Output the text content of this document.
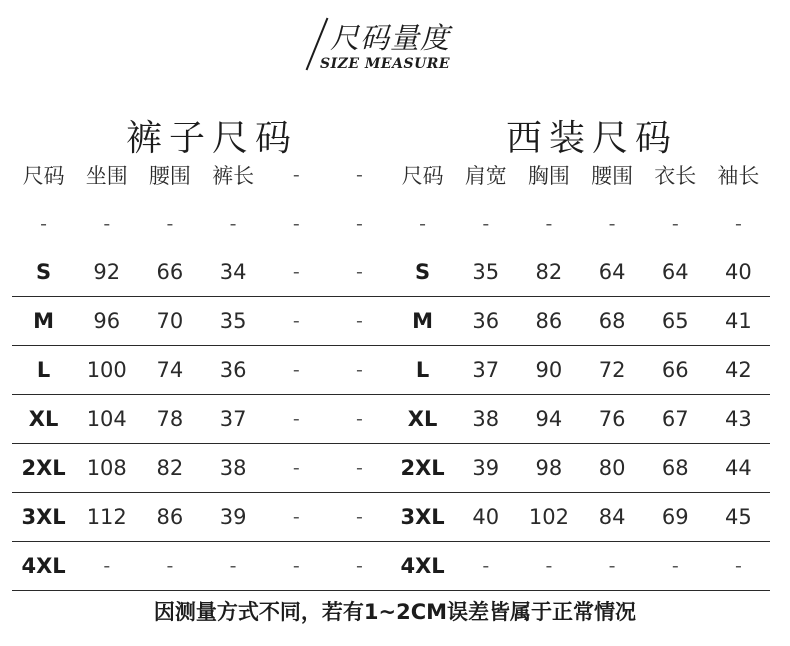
尺码量度
SIZE MEASURE
裤子尺码	西装尺码
尺码	坐围	腰围	裤长	-	-	尺码	肩宽	胸围	腰围	衣长	袖长
-	-	-	-	-	-	-	-	-	-	-	-
S	92	66	34	-	-	S	35	82	64	64	40
M	96	70	35	-	-	M	36	86	68	65	41
L	100	74	36	-	-	L	37	90	72	66	42
XL	104	78	37	-	-	XL	38	94	76	67	43
2XL	108	82	38	-	-	2XL	39	98	80	68	44
3XL	112	86	39	-	-	3XL	40	102	84	69	45
4XL	-	-	-	-	-	4XL	-	-	-	-	-
因测量方式不同，若有1~2CM误差皆属于正常情况
